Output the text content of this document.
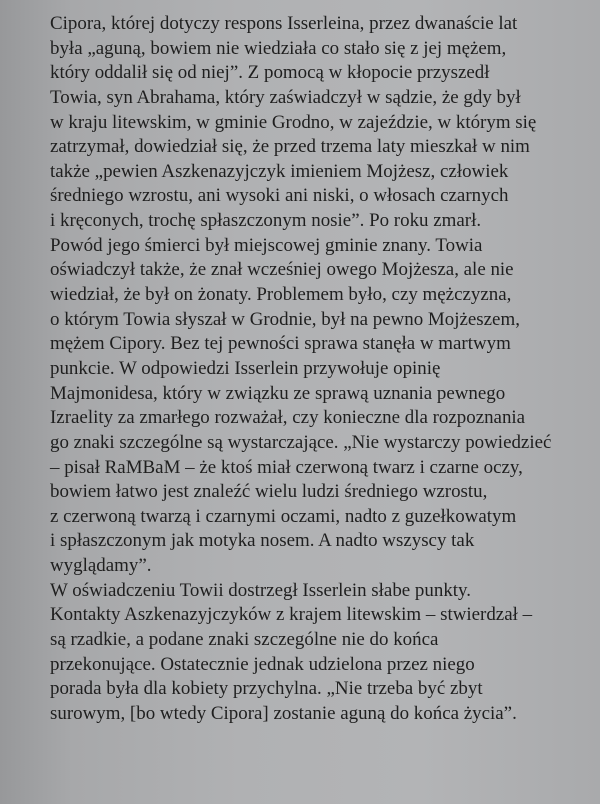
Cipora, której dotyczy respons Isserleina, przez dwanaście lat
była „aguną, bowiem nie wiedziała co stało się z jej mężem,
który oddalił się od niej”. Z pomocą w kłopocie przyszedł
Towia, syn Abrahama, który zaświadczył w sądzie, że gdy był
w kraju litewskim, w gminie Grodno, w zajeździe, w którym się
zatrzymał, dowiedział się, że przed trzema laty mieszkał w nim
także „pewien Aszkenazyjczyk imieniem Mojżesz, człowiek
średniego wzrostu, ani wysoki ani niski, o włosach czarnych
i kręconych, trochę spłaszczonym nosie”. Po roku zmarł.
Powód jego śmierci był miejscowej gminie znany. Towia
oświadczył także, że znał wcześniej owego Mojżesza, ale nie
wiedział, że był on żonaty. Problemem było, czy mężczyzna,
o którym Towia słyszał w Grodnie, był na pewno Mojżeszem,
mężem Cipory. Bez tej pewności sprawa stanęła w martwym
punkcie. W odpowiedzi Isserlein przywołuje opinię
Majmonidesa, który w związku ze sprawą uznania pewnego
Izraelity za zmarłego rozważał, czy konieczne dla rozpoznania
go znaki szczególne są wystarczające. „Nie wystarczy powiedzieć
– pisał RaMBaM – że ktoś miał czerwoną twarz i czarne oczy,
bowiem łatwo jest znaleźć wielu ludzi średniego wzrostu,
z czerwoną twarzą i czarnymi oczami, nadto z guzełkowatym
i spłaszczonym jak motyka nosem. A nadto wszyscy tak
wyglądamy”.
W oświadczeniu Towii dostrzegł Isserlein słabe punkty.
Kontakty Aszkenazyjczyków z krajem litewskim – stwierdzał –
są rzadkie, a podane znaki szczególne nie do końca
przekonujące. Ostatecznie jednak udzielona przez niego
porada była dla kobiety przychylna. „Nie trzeba być zbyt
surowym, [bo wtedy Cipora] zostanie aguną do końca życia”.
